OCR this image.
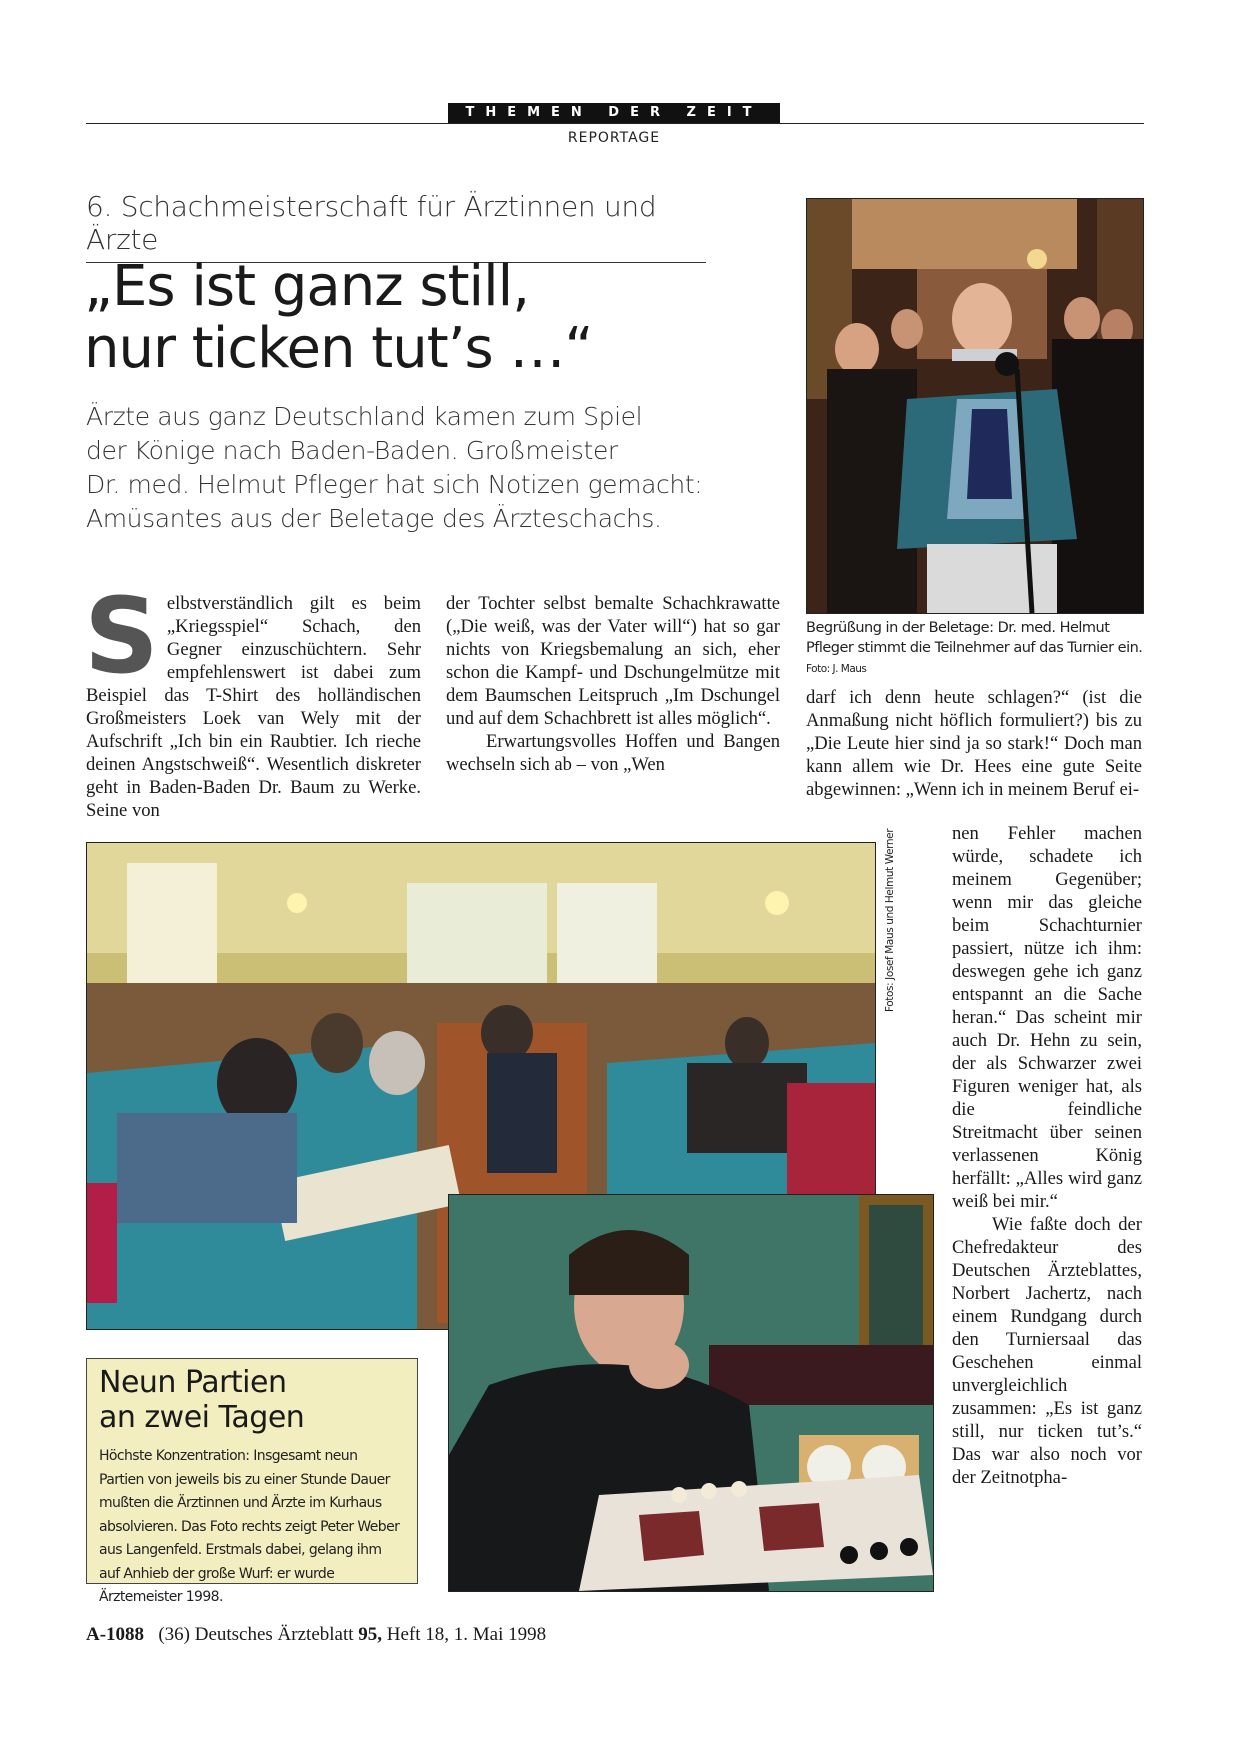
THEMEN DER ZEIT
REPORTAGE
6. Schachmeisterschaft für Ärztinnen und Ärzte
„Es ist ganz still,
nur ticken tut’s …“
Ärzte aus ganz Deutschland kamen zum Spiel
der Könige nach Baden-Baden. Großmeister
Dr. med. Helmut Pfleger hat sich Notizen gemacht:
Amüsantes aus der Beletage des Ärzteschachs.
Begrüßung in der Beletage: Dr. med. Helmut Pfleger stimmt die Teilnehmer auf das Turnier ein. Foto: J. Maus
S elbstverständlich gilt es beim „Kriegsspiel“ Schach, den Gegner einzuschüchtern. Sehr empfehlenswert ist dabei zum Beispiel das T-Shirt des holländischen Großmeisters Loek van Wely mit der Aufschrift „Ich bin ein Raubtier. Ich rieche deinen Angstschweiß“. Wesentlich diskreter geht in Baden-Baden Dr. Baum zu Werke. Seine von

der Tochter selbst bemalte Schachkrawatte („Die weiß, was der Vater will“) hat so gar nichts von Kriegsbemalung an sich, eher schon die Kampf- und Dschungelmütze mit dem Baumschen Leitspruch „Im Dschungel und auf dem Schachbrett ist alles möglich“.

Erwartungsvolles Hoffen und Bangen wechseln sich ab – von „Wen

darf ich denn heute schlagen?“ (ist die Anmaßung nicht höflich formuliert?) bis zu „Die Leute hier sind ja so stark!“ Doch man kann allem wie Dr. Hees eine gute Seite abgewinnen: „Wenn ich in meinem Beruf ei-

Fotos: Josef Maus und Helmut Werner	nen Fehler machen würde, schadete ich meinem Gegenüber; wenn mir das gleiche beim Schachturnier passiert, nütze ich ihm: deswegen gehe ich ganz entspannt an die Sache heran.“ Das scheint mir auch Dr. Hehn zu sein, der als Schwarzer zwei Figuren weniger hat, als die feindliche Streitmacht über seinen verlassenen König herfällt: „Alles wird ganz weiß bei mir.“

Wie faßte doch der Chefredakteur des Deutschen Ärzteblattes, Norbert Jachertz, nach einem Rundgang durch den Turniersaal das Geschehen einmal unvergleichlich zusammen: „Es ist ganz still, nur ticken tut’s.“ Das war also noch vor der Zeitnotpha-

Neun Partien
an zwei Tagen
Höchste Konzentration: Insgesamt neun Partien von jeweils bis zu einer Stunde Dauer mußten die Ärztinnen und Ärzte im Kurhaus absolvieren. Das Foto rechts zeigt Peter Weber aus Langenfeld. Erstmals dabei, gelang ihm auf Anhieb der große Wurf: er wurde Ärztemeister 1998.
A-1088 (36) Deutsches Ärzteblatt 95, Heft 18, 1. Mai 1998
